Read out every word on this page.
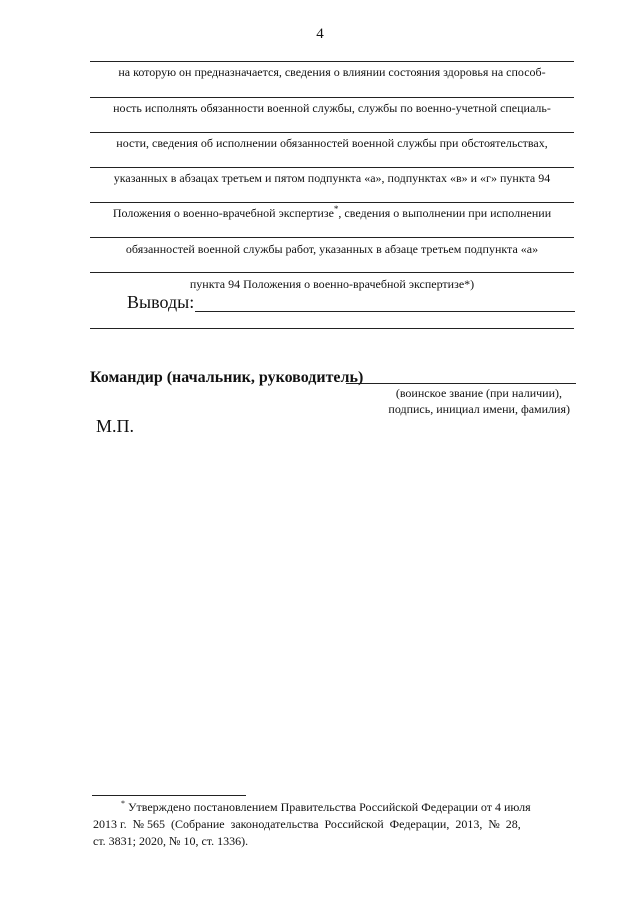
4
на которую он предназначается, сведения о влиянии состояния здоровья на способ-
ность исполнять обязанности военной службы, службы по военно-учетной специаль-
ности, сведения об исполнении обязанностей военной службы при обстоятельствах,
указанных в абзацах третьем и пятом подпункта «а», подпунктах «в» и «г» пункта 94
Положения о военно-врачебной экспертизе*, сведения о выполнении при исполнении
обязанностей военной службы работ, указанных в абзаце третьем подпункта «а»
пункта 94 Положения о военно-врачебной экспертизе*)
Выводы:
Командир (начальник, руководитель)
(воинское звание (при наличии),
подпись, инициал имени, фамилия)
М.П.
* Утверждено постановлением Правительства Российской Федерации от 4 июля
2013 г.  № 565  (Собрание  законодательства  Российской  Федерации,  2013,  №  28,
ст. 3831; 2020, № 10, ст. 1336).
